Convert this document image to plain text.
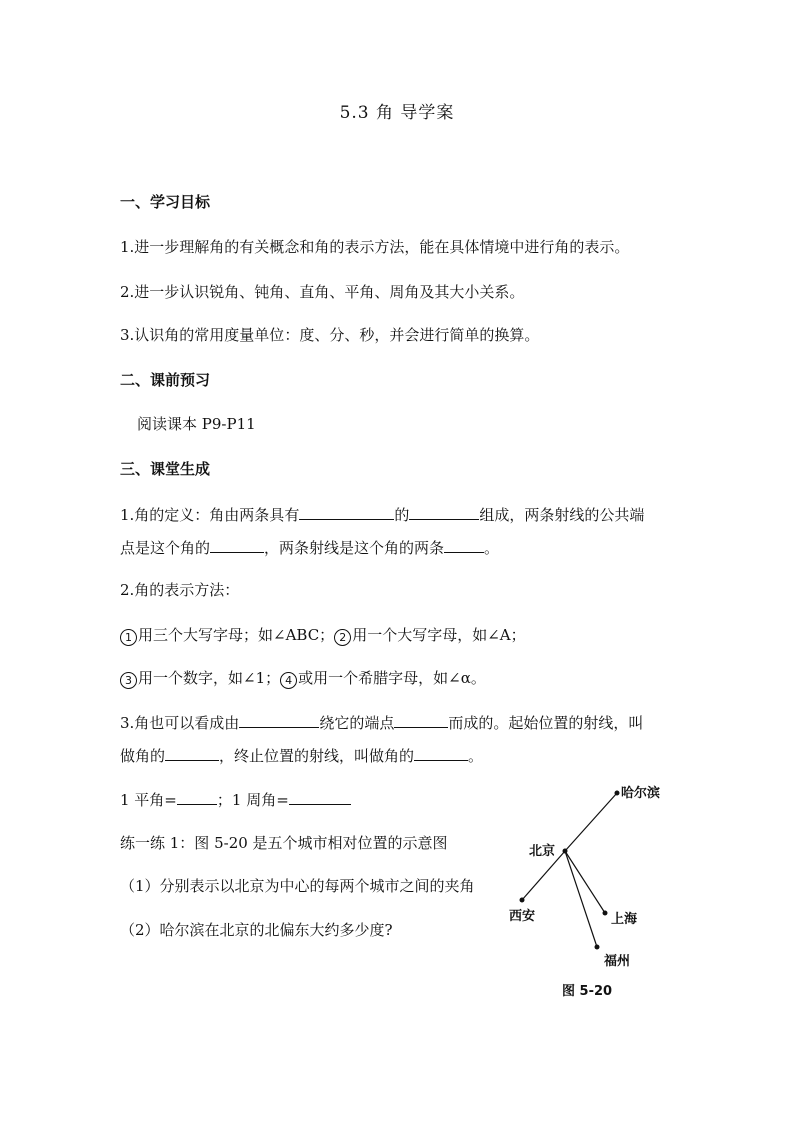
5.3 角 导学案
一、学习目标
1.进一步理解角的有关概念和角的表示方法，能在具体情境中进行角的表示。
2.进一步认识锐角、钝角、直角、平角、周角及其大小关系。
3.认识角的常用度量单位：度、分、秒，并会进行简单的换算。
二、课前预习
阅读课本 P9-P11
三、课堂生成
1.角的定义：角由两条具有	的	组成，两条射线的公共端
点是这个角的	，两条射线是这个角的两条	。
2.角的表示方法：
1 用三个大写字母；如∠ABC； 2 用一个大写字母，如∠A；
3 用一个数字，如∠1； 4 或用一个希腊字母，如∠α。
3.角也可以看成由	绕它的端点	而成的。起始位置的射线，叫
做角的	，终止位置的射线，叫做角的	。
1 平角=	；1 周角=
练一练 1：图 5-20 是五个城市相对位置的示意图
（1）分别表示以北京为中心的每两个城市之间的夹角
（2）哈尔滨在北京的北偏东大约多少度?
哈尔滨
北京
西安	上海
福州
图 5-20
